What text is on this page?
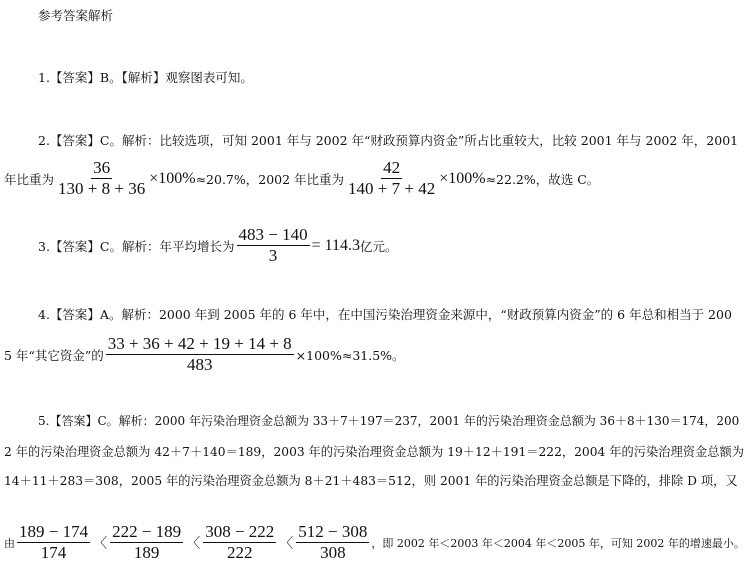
参考答案解析
1.【答案】B。【解析】观察图表可知。
2.【答案】C。解析：比较选项，可知 2001 年与 2002 年“财政预算内资金”所占比重较大，比较 2001 年与 2002 年，2001
年比重为 $\frac{36}{130 + 8 + 36} \times 100\% \approx 20.7\%$，2002 年比重为 $\frac{42}{140 + 7 + 42} \times 100\% \approx 22.2\%$，故选 C。
3.【答案】C。解析：年平均增长为 $\frac{483 - 140}{3} = 114.3$ 亿元。
4.【答案】A。解析：2000 年到 2005 年的 6 年中，在中国污染治理资金来源中，“财政预算内资金”的 6 年总和相当于 200
5 年“其它资金”的 $\frac{33 + 36 + 42 + 19 + 14 + 8}{483} \times 100\%\approx 31.5\%$。
5.【答案】C。解析：2000 年污染治理资金总额为 33＋7＋197＝237，2001 年的污染治理资金总额为 36＋8＋130＝174，200
2 年的污染治理资金总额为 42＋7＋140＝189，2003 年的污染治理资金总额为 19＋12＋191＝222，2004 年的污染治理资金总额为
14＋11＋283＝308，2005 年的污染治理资金总额为 8＋21＋483＝512，则 2001 年的污染治理资金总额是下降的，排除 D 项，又
由 $\frac{189 - 174}{174}$ 〈 $\frac{222 - 189}{189}$ 〈 $\frac{308 - 222}{222}$ 〈 $\frac{512 - 308}{308}$ ，即 2002 年＜2003 年＜2004 年＜2005 年，可知 2002 年的增速最小。
